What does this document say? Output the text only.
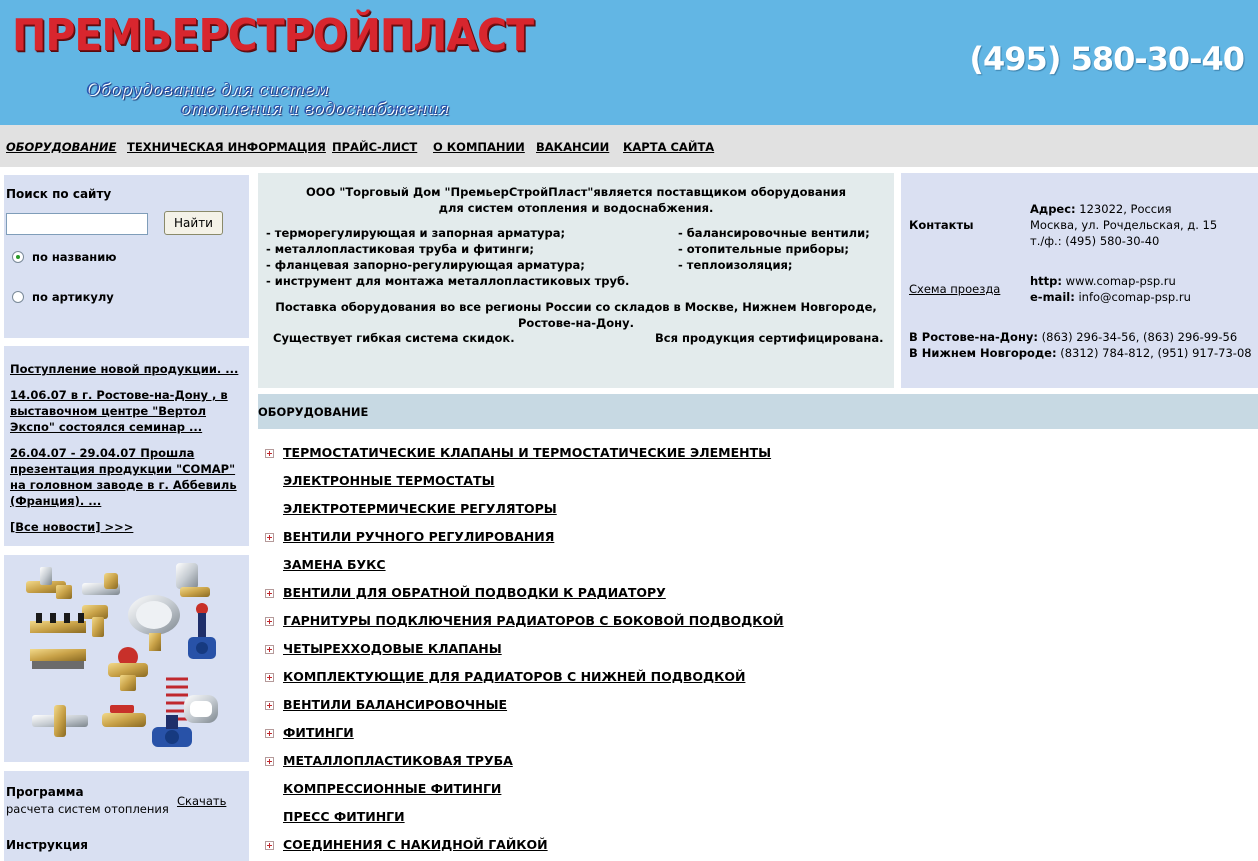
ПРЕМЬЕРСТРОЙПЛАСТ
Оборудование для систем
отопления и водоснабжения
(495) 580-30-40
ОБОРУДОВАНИЕ ТЕХНИЧЕСКАЯ ИНФОРМАЦИЯ ПРАЙС-ЛИСТ О КОМПАНИИ ВАКАНСИИ КАРТА САЙТА
Поиск по сайту
Найти
по названию
по артикулу
Поступление новой продукции. ...
14.06.07 в г. Ростове-на-Дону , в выставочном центре "Вертол Экспо" состоялся семинар ...
26.04.07 - 29.04.07 Прошла презентация продукции "COMAP" на головном заводе в г. Аббевиль (Франция). ...
[Все новости] >>>
Программа
расчета систем отопления
Скачать
Инструкция
ООО "Торговый Дом "ПремьерСтройПласт"является поставщиком оборудования для систем отопления и водоснабжения.
- терморегулирующая и запорная арматура;
- металлопластиковая труба и фитинги;
- фланцевая запорно-регулирующая арматура;
- инструмент для монтажа металлопластиковых труб.
- балансировочные вентили;
- отопительные приборы;
- теплоизоляция;
Поставка оборудования во все регионы России со складов в Москве, Нижнем Новгороде, Ростове-на-Дону.
Существует гибкая система скидок.	Вся продукция сертифицирована.
Контакты
Адрес: 123022, Россия
Москва, ул. Рочдельская, д. 15
т./ф.: (495) 580-30-40
Схема проезда
http: www.comap-psp.ru
e-mail: info@comap-psp.ru
В Ростове-на-Дону: (863) 296-34-56, (863) 296-99-56
В Нижнем Новгороде: (8312) 784-812, (951) 917-73-08
ОБОРУДОВАНИЕ
ТЕРМОСТАТИЧЕСКИЕ КЛАПАНЫ И ТЕРМОСТАТИЧЕСКИЕ ЭЛЕМЕНТЫ
ЭЛЕКТРОННЫЕ ТЕРМОСТАТЫ
ЭЛЕКТРОТЕРМИЧЕСКИЕ РЕГУЛЯТОРЫ
ВЕНТИЛИ РУЧНОГО РЕГУЛИРОВАНИЯ
ЗАМЕНА БУКС
ВЕНТИЛИ ДЛЯ ОБРАТНОЙ ПОДВОДКИ К РАДИАТОРУ
ГАРНИТУРЫ ПОДКЛЮЧЕНИЯ РАДИАТОРОВ С БОКОВОЙ ПОДВОДКОЙ
ЧЕТЫРЕХХОДОВЫЕ КЛАПАНЫ
КОМПЛЕКТУЮЩИЕ ДЛЯ РАДИАТОРОВ С НИЖНЕЙ ПОДВОДКОЙ
ВЕНТИЛИ БАЛАНСИРОВОЧНЫЕ
ФИТИНГИ
МЕТАЛЛОПЛАСТИКОВАЯ ТРУБА
КОМПРЕССИОННЫЕ ФИТИНГИ
ПРЕСС ФИТИНГИ
СОЕДИНЕНИЯ С НАКИДНОЙ ГАЙКОЙ
